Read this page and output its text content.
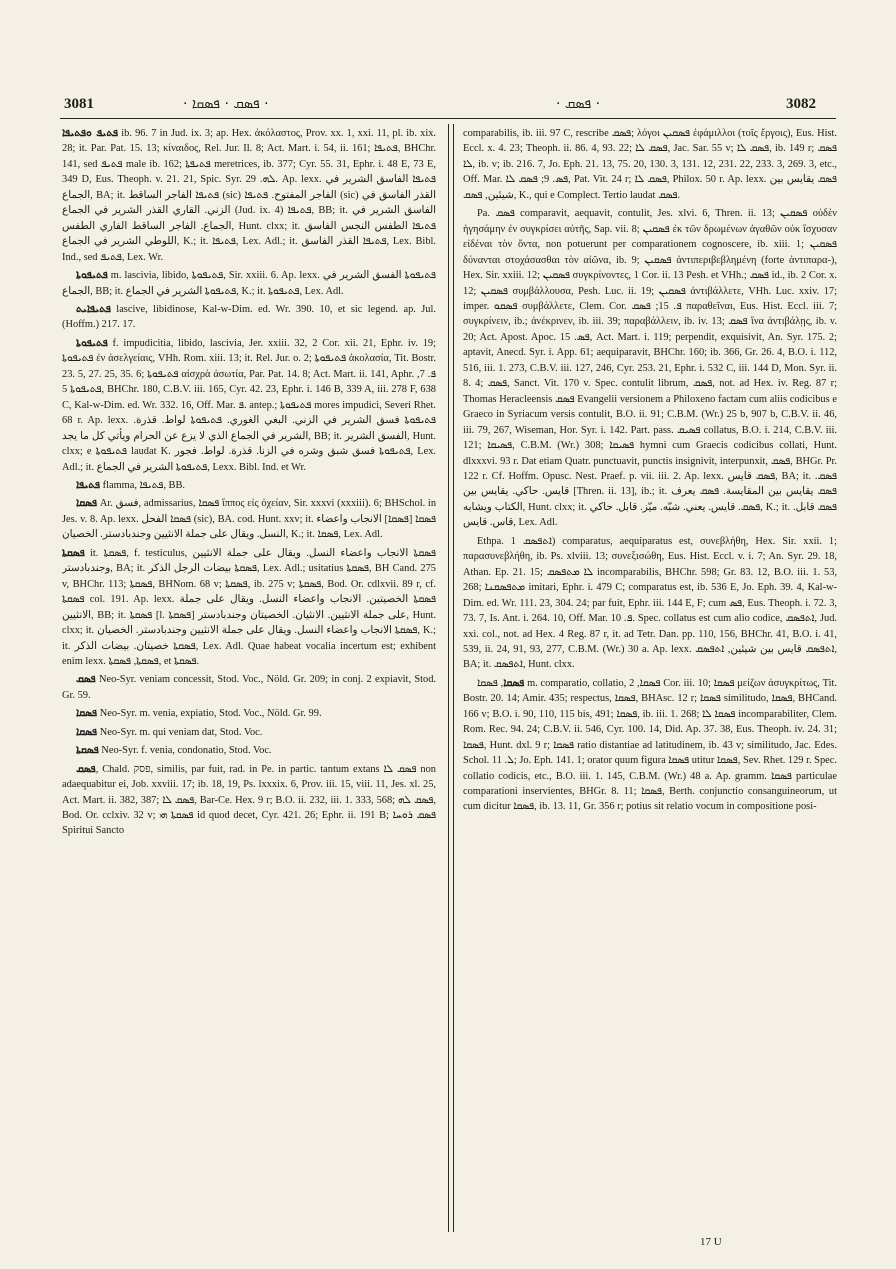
3081	· ܦܣܩ · ܦܣܩܐ ·	· ܦܣܩ ·	3082

ܦܬܝܦ ܘܦܬܝܦܐ ib. 96. 7 in Jud. ix. 3; ap. Hex. ἀκόλαστος, Prov. xx. 1, xxi. 11, pl. ib. xix. 28; it. Par. Pat. 15. 13; κίναιδος, Rel. Jur. Il. 8; Act. Mart. i. 54, ii. 161; ܦܬܝܦܐ, BHChr. 141, sed ܦܬܝܦ male ib. 162; ܦܬܝܦܬܐ meretrices, ib. 377; Cyr. 55. 31, Ephr. i. 48 E, 73 E, 349 D, Eus. Theoph. v. 21. 21, Spic. Syr. ܠܗ. 29. Ap. lexx. ܦܬܝܦܐ الفاسق الشرير في الجماع, BA; it. ܦܬܝܦܐ الفاجر الساقط (sic) الفاجر المفتوح. ܦܬܝܦܐ (sic) القذر الفاسق في الزني. القاري القذر الشرير في الجماع (Jud. ix. 4) ܦܬܝܦܐ, BB; it. الفاسق الشرير في الجماع. الفاجر الساقط الفاري الطفس, Hunt. clxx; it. ܦܬܝܦܐ الطفس النجس الفاسق اللوطي الشرير في الجماع, K.; it. ܦܬܝܦܐ, Lex. Adl.; it. ܦܬܝܦܐ القذر الفاسق, Lex. Bibl. Ind., sed ܦܬܝܦ, Lex. Wr.

ܦܬܝܦܘܬܐ m. lascivia, libido, ܦܬܝܦܘܬܐ, Sir. xxiii. 6. Ap. lexx. ܦܬܝܦܘܬܐ الفسق الشرير في الجماع, BB; it. ܦܬܝܦܘܬܐ الشرير في الجماع, K.; it. ܦܬܝܦܘܬܐ, Lex. Adl.

ܦܬܝܦܐܝܬ lascive, libidinose, Kal-w-Dim. ed. Wr. 390. 10, et sic legend. ap. Jul. (Hoffm.) 217. 17.

ܦܬܝܦܘܬܐ f. impudicitia, libido, lascivia, Jer. xxiii. 32, 2 Cor. xii. 21, Ephr. iv. 19; ܦܬܝܦܘܬܐ ἐν ἀσελγείαις, VHh. Rom. xiii. 13; it. Rel. Jur. o. 2; ܦܬܝܦܘܬܐ ἀκολασία, Tit. Bostr. 23. 5, 27. 25, 35. 6; ܦܬܝܦܘܬܐ αἰσχρὰ ἀσωτία, Par. Pat. 14. 8; Act. Mart. ii. 141, Aphr. ܦ. 7, ܦܬܝܦܘܬܐ 5, BHChr. 180, C.B.V. iii. 165, Cyr. 42. 23, Ephr. i. 146 B, 339 A, iii. 278 F, 638 C, Kal-w-Dim. ed. Wr. 332. 16, Off. Mar. ܦ. antep.; ܦܬܝܦܘܬܐ mores impudici, Severi Rhet. 68 r. Ap. lexx. ܦܬܝܦܘܬܐ فسق الشرير في الزني. البغي الغوري. ܦܬܝܦܘܬܐ لواط. قذرة. الشرير في الجماع الذي لا يزع عن الحرام ويأتي كل ما يجد, BB; it. الفسق الشرير, Hunt. clxx; e ܦܬܝܦܘܬܐ laudat K. ܦܬܝܦܘܬܐ فسق شبق وشره في الزنا. قذرة. لواط. فجور, Lex. Adl.; it. ܦܬܝܦܘܬܐ الشرير في الجماع, Lexx. Bibl. Ind. et Wr.

ܦܬܝܦܐ flamma, ܦܬܝܦܐ, BB.

ܦܣܩܐ Ar. ﻓﺴﻖ, admissarius, ܦܣܩܐ ἵππος εἰς ὀχείαν, Sir. xxxvi (xxxiii). 6; BHSchol. in Jes. v. 8. Ap. lexx. ܦܣܩܐ الفحل (sic), BA. cod. Hunt. xxv; it. ܦܣܩܐ [ܦܣܩܐ] الانجاب واعضاء النسل. ويقال على جملة الانثيين وجندبادستر. الخصيان, K.; it. ܦܣܩܐ, Lex. Adl.

ܦܣܩܬܐ it. ܦܣܩܬܐ, f. testiculus, ܦܣܩܬܐ الانجاب واعضاء النسل. ويقال على جملة الانثيين وجندبادستر, BA; it. ܦܣܩܬܐ بيضات الرجل الذكر, Lex. Adl.; usitatius ܦܣܩܬܐ, BH Cand. 275 v, BHChr. 113; ܦܣܩܬܐ, BHNom. 68 v; ܦܣܩܬܐ, ib. 275 v; ܦܣܩܬܐ, Bod. Or. cdlxvii. 89 r, cf. ܦܣܩܬܐ col. 191. Ap. lexx. ܦܣܩܬܐ الخصيتين. الانجاب واعضاء النسل. ويقال على جملة الانثيين, BB; it. ܦܣܩܬܐ [l. ܦܣܩܬܐ] على جملة الانثيين. الانثيان. الخصيتان وجندبادستر, Hunt. clxx; it. ܦܣܩܬܐ الانجاب واعضاء النسل. ويقال على جملة الانثيين وجندبادستر. الخصيان, K.; it. ܦܣܩܬܐ خصيتان. بيضات الذكر, Lex. Adl. Quae habeat vocalia incertum est; exhibent enim lexx. ܦܣܩܬܐ, ܦܣܩܬܐ, et ܦܣܩܬܐ.

ܦܣܩ Neo-Syr. veniam concessit, Stod. Voc., Nöld. Gr. 209; in conj. 2 expiavit, Stod. Gr. 59.

ܦܣܩܐ Neo-Syr. m. venia, expiatio, Stod. Voc., Nöld. Gr. 99.

ܦܣܩܐ Neo-Syr. m. qui veniam dat, Stod. Voc.

ܦܣܩܬܐ Neo-Syr. f. venia, condonatio, Stod. Voc.

ܦܣܩ, Chald. פסק, similis, par fuit, rad. in Pe. in partic. tantum extans ܦܣܩ ܠܐ non adaequabitur ei, Job. xxviii. 17; ib. 18, 19, Ps. lxxxix. 6, Prov. iii. 15, viii. 11, Jes. xl. 25, Act. Mart. ii. 382, 387; ܦܣܩ ܠܐ, Bar-Ce. Hex. 9 r; B.O. ii. 232, iii. 1. 333, 568; ܦܣܩ ܠܗ, Bod. Or. cclxiv. 32 v; ܦܣܩܬܐ ܗܝ id quod decet, Cyr. 421. 26; Ephr. ii. 191 B; ܦܣܩ ܪܘܚܐ Spiritui Sancto

comparabilis, ib. iii. 97 C, rescribe ܦܣܩ; λόγοι ܦܣܩܝܢ ἐφάμιλλοι (τοῖς ἔργοις), Eus. Hist. Eccl. x. 4. 23; Theoph. ii. 86. 4, 93. 22; ܦܣܩ ܠܐ, Jac. Sar. 55 v; ܦܣܩ ܠܐ, ib. 149 r; ܦܣܩ ܠܐ, ib. v; ib. 216. 7, Jo. Eph. 21. 13, 75. 20, 130. 3, 131. 12, 231. 22, 233. 3, 269. 3, etc., Off. Mar. ܦܣ. 9; ܦܣܩ ܠܐ, Pat. Vit. 24 r; ܦܣܩ ܠܐ, Philox. 50 r. Ap. lexx. ܦܣܩ يقايس بين شيئين, ܦܣܩ, K., qui e Complect. Tertio laudat ܦܣܩ.

Pa. ܦܣܩ comparavit, aequavit, contulit, Jes. xlvi. 6, Thren. ii. 13; ܦܣܩܝܢ οὐδὲν ἡγησάμην ἐν συγκρίσει αὐτῆς, Sap. vii. 8; ܦܣܩܝܢ ἐκ τῶν δρωμένων ἀγαθῶν οὐκ ἴσχυσαν εἰδέναι τὸν ὄντα, non potuerunt per comparationem cognoscere, ib. xiii. 1; ܦܣܩܝܢ δύνανται στοχάσασθαι τὸν αἰῶνα, ib. 9; ܦܣܩܝܢ ἀντιπεριβεβλημένη (forte ἀντιπαρα-), Hex. Sir. xxiii. 12; ܦܣܩܝܢ συγκρίνοντες, 1 Cor. ii. 13 Pesh. et VHh.; ܦܣܩ id., ib. 2 Cor. x. 12; ܦܣܩܝܢ συμβάλλουσα, Pesh. Luc. ii. 19; ܦܣܩܝܢ ἀντιβάλλετε, VHh. Luc. xxiv. 17; imper. ܦܣܩܘ συμβάλλετε, Clem. Cor. ܦ. 15; ܦܣܩ παραθεῖναι, Eus. Hist. Eccl. iii. 7; συγκρίνειν, ib.; ἀνέκρινεν, ib. iii. 39; παραβάλλειν, ib. iv. 13; ܦܣܩ ἵνα ἀντιβάλῃς, ib. v. 20; Act. Apost. Apoc. ܦܣ. 15, Act. Mart. i. 119; perpendit, exquisivit, An. Syr. 175. 2; aptavit, Anecd. Syr. i. App. 61; aequiparavit, BHChr. 160; ib. 366, Gr. 26. 4, B.O. i. 112, 516, iii. 1. 273, C.B.V. iii. 127, 246, Cyr. 253. 21, Ephr. i. 532 C, iii. 144 D, Mon. Syr. ii. 8. 4; ܦܣܩ, Sanct. Vit. 170 v. Spec. contulit librum, ܦܣܩ, not. ad Hex. iv. Reg. 87 r; Thomas Heracleensis ܦܣܩ Evangelii versionem a Philoxeno factam cum aliis codicibus e Graeco in Syriacum versis contulit, B.O. ii. 91; C.B.M. (Wr.) 25 b, 907 b, C.B.V. ii. 46, iii. 79, 267, Wiseman, Hor. Syr. i. 142. Part. pass. ܦܣܝܩ collatus, B.O. i. 214, C.B.V. iii. 121; ܦܣܝܩܐ, C.B.M. (Wr.) 308; ܦܣܝܩܐ hymni cum Graecis codicibus collati, Hunt. dlxxxvi. 93 r. Dat etiam Quatr. punctuavit, punctis insignivit, interpunxit, ܦܣܩ, BHGr. Pr. 122 r. Cf. Hoffm. Opusc. Nest. Praef. p. vii. iii. 2. Ap. lexx. ܦܣܩ قايس, BA; it. ܦܣܩ. قايس. حاكي. يقايس بين [Thren. ii. 13], ib.; it. ܦܣܩ يقايس بين المقايسة. ܦܣܩ يعرف الكتاب ويشابه, Hunt. clxx; it. ܦܣܩ. قايس. يعني. شبّه. ميّز. قابل. حاكي, K.; it. ܦܣܩ قابل. قاس. قايس, Lex. Adl.

Ethpa. ܐܬܦܣܩ 1) comparatus, aequiparatus est, συνεβλήθη, Hex. Sir. xxii. 1; παρασυνεβλήθη, ib. Ps. xlviii. 13; συνεξισώθη, Eus. Hist. Eccl. v. i. 7; An. Syr. 29. 18, Athan. Ep. 21. 15; ܠܐ ܡܬܦܣܩ incomparabilis, BHChr. 598; Gr. 83. 12, B.O. iii. 1. 53, 268; ܡܬܦܣܩܢܐ imitari, Ephr. i. 479 C; comparatus est, ib. 536 E, Jo. Eph. 39. 4, Kal-w-Dim. ed. Wr. 111. 23, 304. 24; par fuit, Ephr. iii. 144 E, F; cum ܦܣ, Eus. Theoph. i. 72. 3, 73. 7, Is. Ant. i. 264. 10, Off. Mar. ܦ. 10. Spec. collatus est cum alio codice, ܐܬܦܣܩ, Jud. xxi. col., not. ad Hex. 4 Reg. 87 r, it. ad Tetr. Dan. pp. 110, 156, BHChr. 41, B.O. i. 41, 539, ii. 24, 91, 93, 277, C.B.M. (Wr.) 30 a. Ap. lexx. ܐܬܦܣܩ قايس بين شيئين, ܐܬܦܣܩ, BA; it. ܐܬܦܣܩ, Hunt. clxx.

ܦܣܩܐ, ܦܣܩܐ m. comparatio, collatio, ܦܣܩܐ, 2 Cor. iii. 10; ܦܣܩܐ μείζων ἀσυγκρίτως, Tit. Bostr. 20. 14; Amir. 435; respectus, ܦܣܩܐ, BHAsc. 12 r; ܦܣܩܐ similitudo, ܦܣܩܐ, BHCand. 166 v; B.O. i. 90, 110, 115 bis, 491; ܦܣܩܐ, ib. iii. 1. 268; ܦܣܩܐ ܠܐ incomparabiliter, Clem. Rom. Rec. 94. 24; C.B.V. ii. 546, Cyr. 100. 14, Did. Ap. 37. 38, Eus. Theoph. iv. 24. 31; ܦܣܩܐ, Hunt. dxl. 9 r; ܦܣܩܐ ratio distantiae ad latitudinem, ib. 43 v; similitudo, Jac. Edes. Schol. ܠ. 11; Jo. Eph. 141. 1; orator quum figura ܦܣܩܐ utitur ܦܣܩܐ, Sev. Rhet. 129 r. Spec. collatio codicis, etc., B.O. iii. 1. 145, C.B.M. (Wr.) 48 a. Ap. gramm. ܦܣܩܐ particulae comparationi inservientes, BHGr. 8. 11; ܦܣܩܐ, Berth. conjunctio consanguineorum, ut cum dicitur ܦܣܩܐ, ib. 13. 11, Gr. 356 r; potius sit relatio vocum in compositione posi-

17 U
